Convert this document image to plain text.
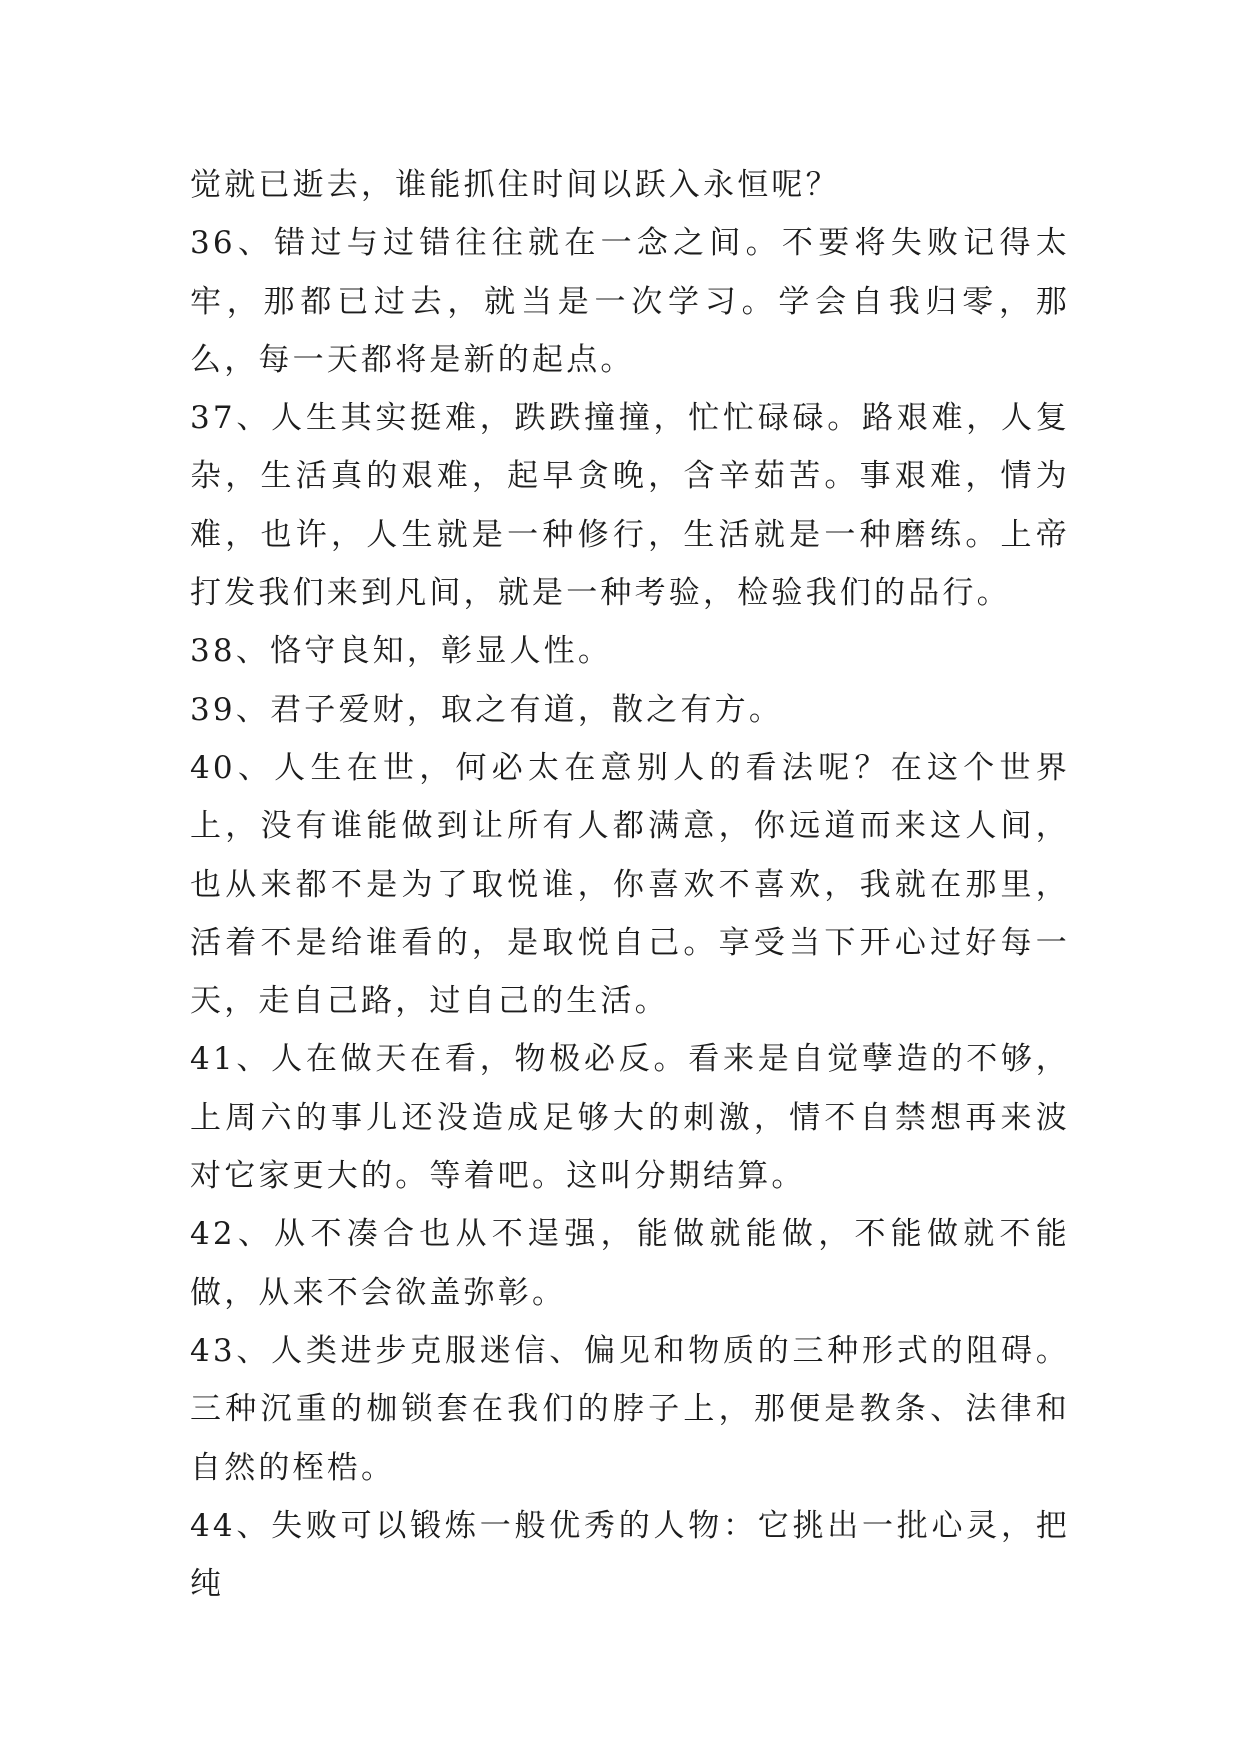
觉就已逝去，谁能抓住时间以跃入永恒呢？

36、错过与过错往往就在一念之间。不要将失败记得太牢，那都已过去，就当是一次学习。学会自我归零，那么，每一天都将是新的起点。

37、人生其实挺难，跌跌撞撞，忙忙碌碌。路艰难，人复杂，生活真的艰难，起早贪晚，含辛茹苦。事艰难，情为难，也许，人生就是一种修行，生活就是一种磨练。上帝打发我们来到凡间，就是一种考验，检验我们的品行。

38、恪守良知，彰显人性。

39、君子爱财，取之有道，散之有方。

40、人生在世，何必太在意别人的看法呢？在这个世界上，没有谁能做到让所有人都满意，你远道而来这人间，也从来都不是为了取悦谁，你喜欢不喜欢，我就在那里，活着不是给谁看的，是取悦自己。享受当下开心过好每一天，走自己路，过自己的生活。

41、人在做天在看，物极必反。看来是自觉孽造的不够，上周六的事儿还没造成足够大的刺激，情不自禁想再来波对它家更大的。等着吧。这叫分期结算。

42、从不凑合也从不逞强，能做就能做，不能做就不能做，从来不会欲盖弥彰。

43、人类进步克服迷信、偏见和物质的三种形式的阻碍。三种沉重的枷锁套在我们的脖子上，那便是教条、法律和自然的桎梏。

44、失败可以锻炼一般优秀的人物：它挑出一批心灵，把纯
